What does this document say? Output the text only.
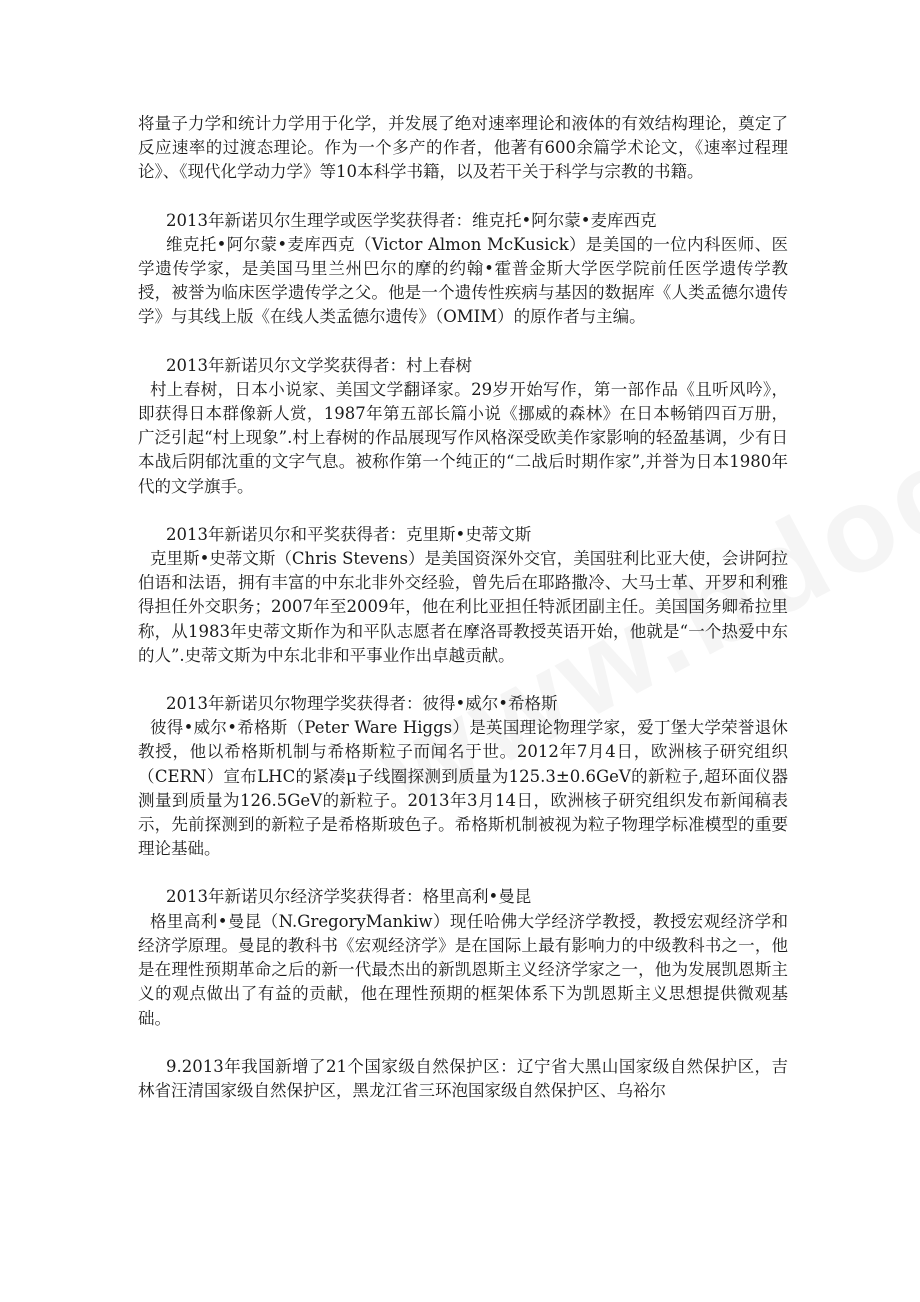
将量子力学和统计力学用于化学，并发展了绝对速率理论和液体的有效结构理论，奠定了反应速率的过渡态理论。作为一个多产的作者，他著有600余篇学术论文，《速率过程理论》、《现代化学动力学》等10本科学书籍，以及若干关于科学与宗教的书籍。

2013年新诺贝尔生理学或医学奖获得者：维克托•阿尔蒙•麦库西克

维克托•阿尔蒙•麦库西克（Victor Almon McKusick）是美国的一位内科医师、医学遗传学家，是美国马里兰州巴尔的摩的约翰•霍普金斯大学医学院前任医学遗传学教授，被誉为临床医学遗传学之父。他是一个遗传性疾病与基因的数据库《人类孟德尔遗传学》与其线上版《在线人类孟德尔遗传》（OMIM）的原作者与主编。

2013年新诺贝尔文学奖获得者：村上春树

村上春树，日本小说家、美国文学翻译家。29岁开始写作，第一部作品《且听风吟》，即获得日本群像新人赏，1987年第五部长篇小说《挪威的森林》在日本畅销四百万册，广泛引起“村上现象”.村上春树的作品展现写作风格深受欧美作家影响的轻盈基调，少有日本战后阴郁沈重的文字气息。被称作第一个纯正的“二战后时期作家”,并誉为日本1980年代的文学旗手。

2013年新诺贝尔和平奖获得者：克里斯•史蒂文斯

克里斯•史蒂文斯（Chris Stevens）是美国资深外交官，美国驻利比亚大使，会讲阿拉伯语和法语，拥有丰富的中东北非外交经验，曾先后在耶路撒冷、大马士革、开罗和利雅得担任外交职务；2007年至2009年，他在利比亚担任特派团副主任。美国国务卿希拉里称，从1983年史蒂文斯作为和平队志愿者在摩洛哥教授英语开始，他就是“一个热爱中东的人”.史蒂文斯为中东北非和平事业作出卓越贡献。

2013年新诺贝尔物理学奖获得者：彼得•威尔•希格斯

彼得•威尔•希格斯（Peter Ware Higgs）是英国理论物理学家，爱丁堡大学荣誉退休教授，他以希格斯机制与希格斯粒子而闻名于世。2012年7月4日，欧洲核子研究组织（CERN）宣布LHC的紧凑μ子线圈探测到质量为125.3±0.6GeV的新粒子,超环面仪器测量到质量为126.5GeV的新粒子。2013年3月14日，欧洲核子研究组织发布新闻稿表示，先前探测到的新粒子是希格斯玻色子。希格斯机制被视为粒子物理学标准模型的重要理论基础。

2013年新诺贝尔经济学奖获得者：格里高利•曼昆

格里高利•曼昆（N.GregoryMankiw）现任哈佛大学经济学教授，教授宏观经济学和经济学原理。曼昆的教科书《宏观经济学》是在国际上最有影响力的中级教科书之一，他是在理性预期革命之后的新一代最杰出的新凯恩斯主义经济学家之一，他为发展凯恩斯主义的观点做出了有益的贡献，他在理性预期的框架体系下为凯恩斯主义思想提供微观基础。

9.2013年我国新增了21个国家级自然保护区：辽宁省大黑山国家级自然保护区，吉林省汪清国家级自然保护区，黑龙江省三环泡国家级自然保护区、乌裕尔
